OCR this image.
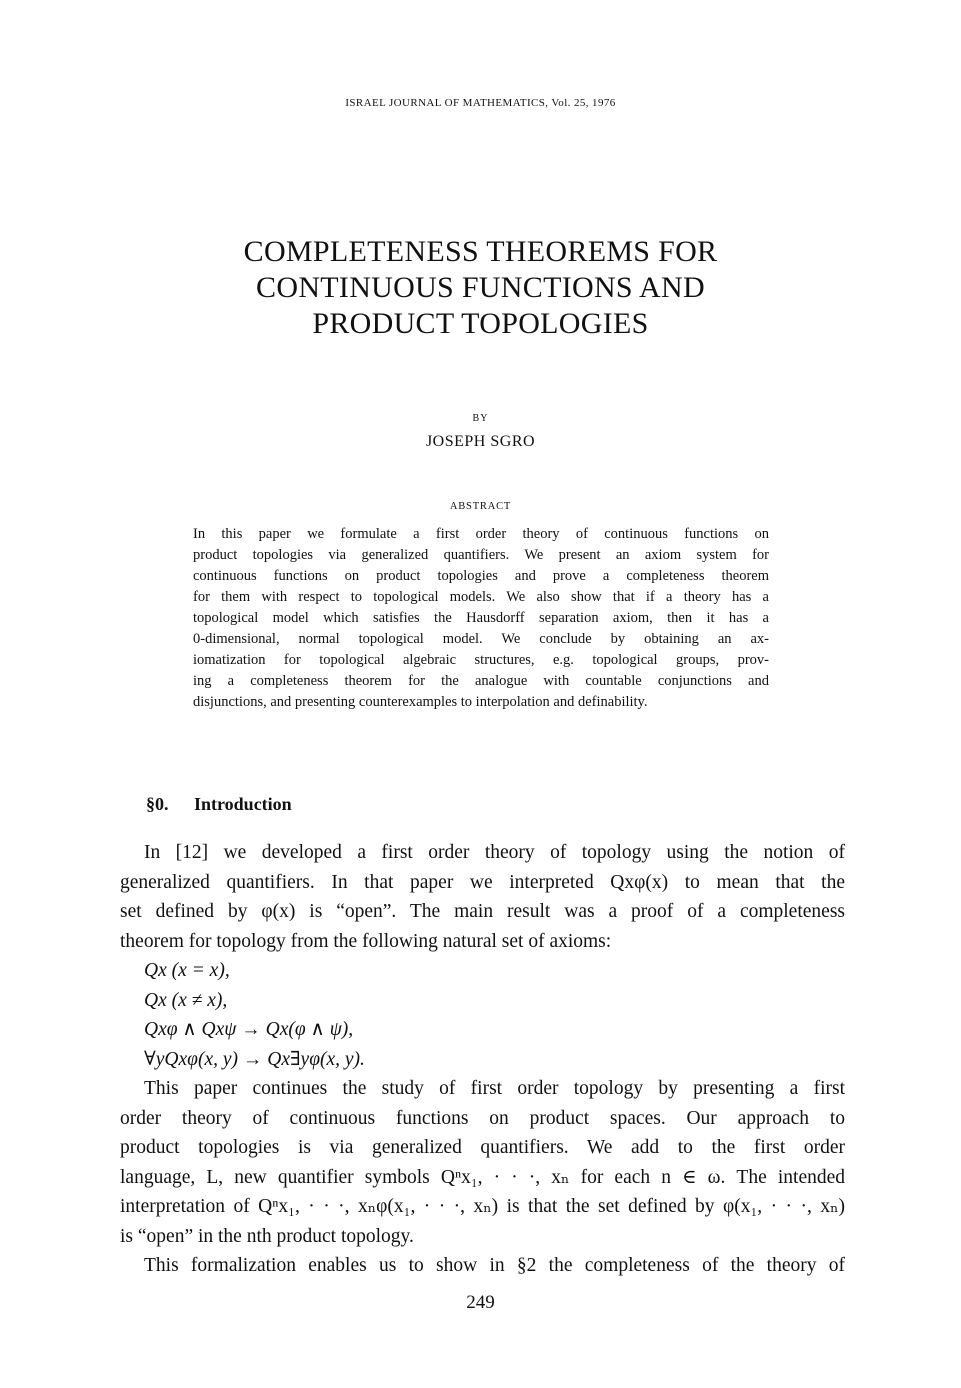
ISRAEL JOURNAL OF MATHEMATICS, Vol. 25, 1976
COMPLETENESS THEOREMS FOR
CONTINUOUS FUNCTIONS AND
PRODUCT TOPOLOGIES
BY
JOSEPH SGRO
ABSTRACT
In this paper we formulate a first order theory of continuous functions on
product topologies via generalized quantifiers. We present an axiom system for
continuous functions on product topologies and prove a completeness theorem
for them with respect to topological models. We also show that if a theory has a
topological model which satisfies the Hausdorff separation axiom, then it has a
0-dimensional, normal topological model. We conclude by obtaining an ax-
iomatization for topological algebraic structures, e.g. topological groups, prov-
ing a completeness theorem for the analogue with countable conjunctions and
disjunctions, and presenting counterexamples to interpolation and definability.
§0. Introduction
In [12] we developed a first order theory of topology using the notion of
generalized quantifiers. In that paper we interpreted Qxφ(x) to mean that the
set defined by φ(x) is “open”. The main result was a proof of a completeness
theorem for topology from the following natural set of axioms:
Qx (x = x),
Qx (x ≠ x),
Qxφ ∧ Qxψ → Qx(φ ∧ ψ),
∀yQxφ(x, y) → Qx∃yφ(x, y).
This paper continues the study of first order topology by presenting a first
order theory of continuous functions on product spaces. Our approach to
product topologies is via generalized quantifiers. We add to the first order
language, L, new quantifier symbols Qⁿx₁, · · ·, xₙ for each n ∈ ω. The intended
interpretation of Qⁿx₁, · · ·, xₙφ(x₁, · · ·, xₙ) is that the set defined by φ(x₁, · · ·, xₙ)
is “open” in the nth product topology.
This formalization enables us to show in §2 the completeness of the theory of
249
